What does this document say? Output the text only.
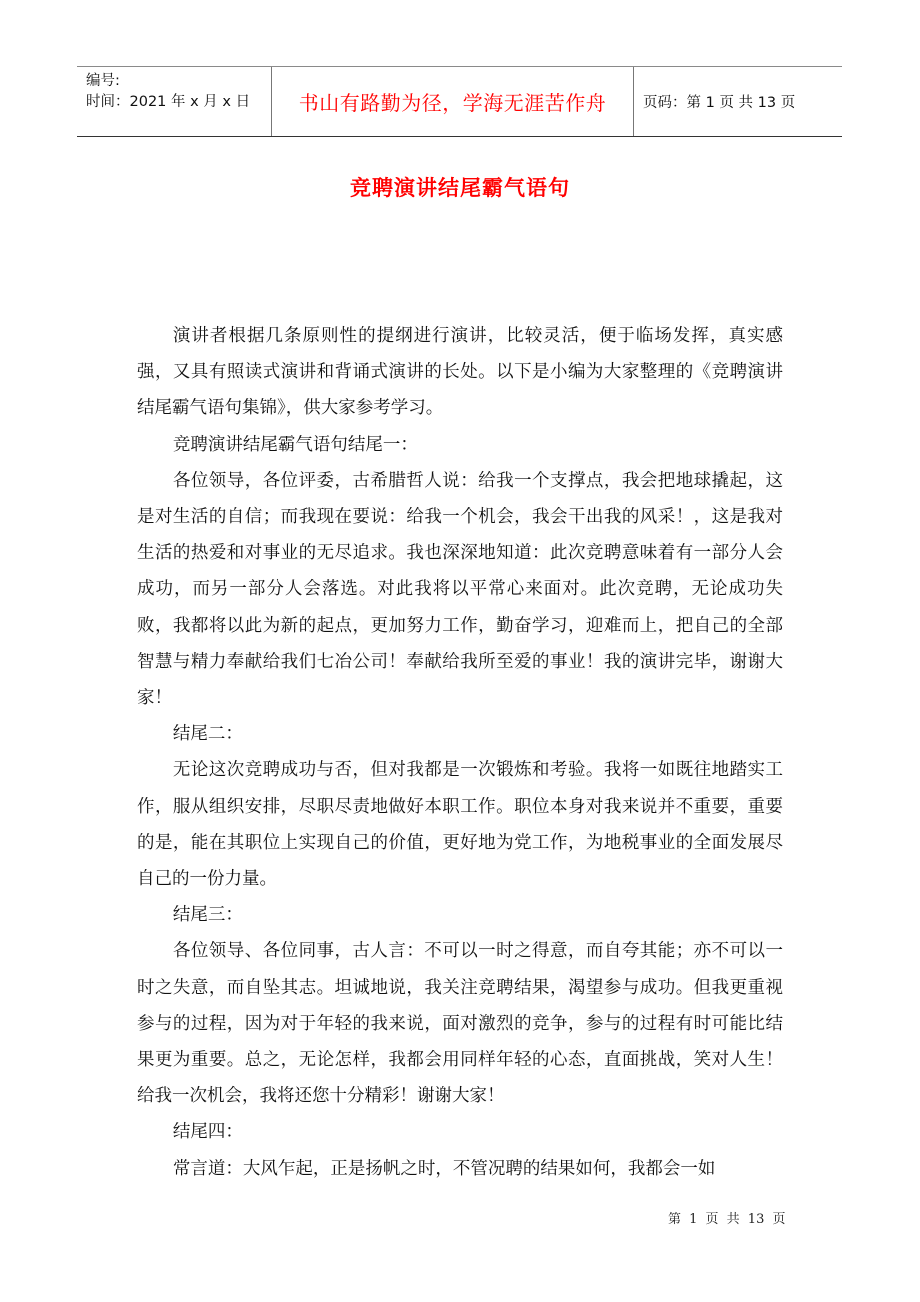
编号:
时间：2021 年 x 月 x 日	书山有路勤为径，学海无涯苦作舟	页码：第 1 页 共 13 页
竞聘演讲结尾霸气语句

演讲者根据几条原则性的提纲进行演讲，比较灵活，便于临场发挥，真实感强，又具有照读式演讲和背诵式演讲的长处。以下是小编为大家整理的《竞聘演讲结尾霸气语句集锦》，供大家参考学习。

竞聘演讲结尾霸气语句结尾一：

各位领导，各位评委，古希腊哲人说：给我一个支撑点，我会把地球撬起，这是对生活的自信；而我现在要说：给我一个机会，我会干出我的风采！，这是我对生活的热爱和对事业的无尽追求。我也深深地知道：此次竞聘意味着有一部分人会成功，而另一部分人会落选。对此我将以平常心来面对。此次竞聘，无论成功失败，我都将以此为新的起点，更加努力工作，勤奋学习，迎难而上，把自己的全部智慧与精力奉献给我们七冶公司！奉献给我所至爱的事业！我的演讲完毕，谢谢大家！

结尾二：

无论这次竞聘成功与否，但对我都是一次锻炼和考验。我将一如既往地踏实工作，服从组织安排，尽职尽责地做好本职工作。职位本身对我来说并不重要，重要的是，能在其职位上实现自己的价值，更好地为党工作，为地税事业的全面发展尽自己的一份力量。

结尾三：

各位领导、各位同事，古人言：不可以一时之得意，而自夸其能；亦不可以一时之失意，而自坠其志。坦诚地说，我关注竞聘结果，渴望参与成功。但我更重视参与的过程，因为对于年轻的我来说，面对激烈的竞争，参与的过程有时可能比结果更为重要。总之，无论怎样，我都会用同样年轻的心态，直面挑战，笑对人生！给我一次机会，我将还您十分精彩！谢谢大家！

结尾四：

常言道：大风乍起，正是扬帆之时，不管况聘的结果如何，我都会一如

第 1 页 共 13 页
